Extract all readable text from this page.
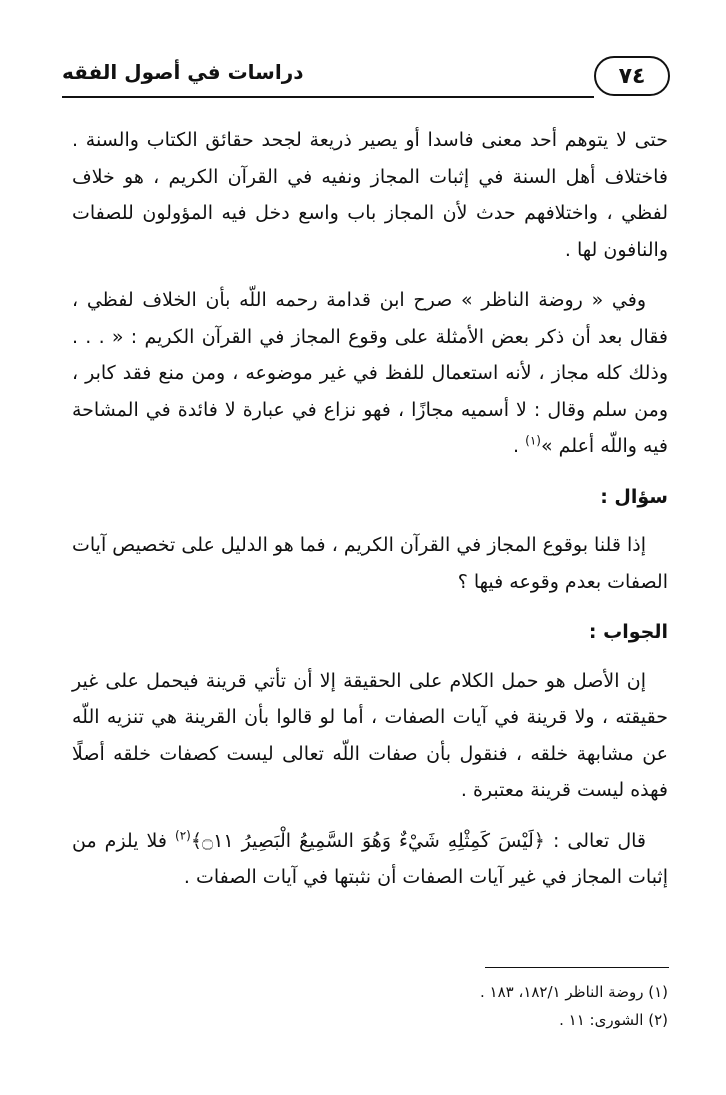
٧٤
دراسات في أصول الفقه

حتى لا يتوهم أحد معنى فاسدا أو يصير ذريعة لجحد حقائق الكتاب والسنة . فاختلاف أهل السنة في إثبات المجاز ونفيه في القرآن الكريم ، هو خلاف لفظي ، واختلافهم حدث لأن المجاز باب واسع دخل فيه المؤولون للصفات والنافون لها .

وفي « روضة الناظر » صرح ابن قدامة رحمه اللّه بأن الخلاف لفظي ، فقال بعد أن ذكر بعض الأمثلة على وقوع المجاز في القرآن الكريم : « . . . وذلك كله مجاز ، لأنه استعمال للفظ في غير موضوعه ، ومن منع فقد كابر ، ومن سلم وقال : لا أسميه مجازًا ، فهو نزاع في عبارة لا فائدة في المشاحة فيه واللّه أعلم »$^{(١)}$ .

سؤال :

إذا قلنا بوقوع المجاز في القرآن الكريم ، فما هو الدليل على تخصيص آيات الصفات بعدم وقوعه فيها ؟

الجواب :

إن الأصل هو حمل الكلام على الحقيقة إلا أن تأتي قرينة فيحمل على غير حقيقته ، ولا قرينة في آيات الصفات ، أما لو قالوا بأن القرينة هي تنزيه اللّه عن مشابهة خلقه ، فنقول بأن صفات اللّه تعالى ليست كصفات خلقه أصلًا فهذه ليست قرينة معتبرة .

قال تعالى : ﴿لَيْسَ كَمِثْلِهِ شَيْءٌ وَهُوَ السَّمِيعُ الْبَصِيرُ ۝١١﴾$^{(٢)}$ فلا يلزم من إثبات المجاز في غير آيات الصفات أن نثبتها في آيات الصفات .

(١) روضة الناظر ١٨٢/١، ١٨٣ .

(٢) الشورى: ١١ .
